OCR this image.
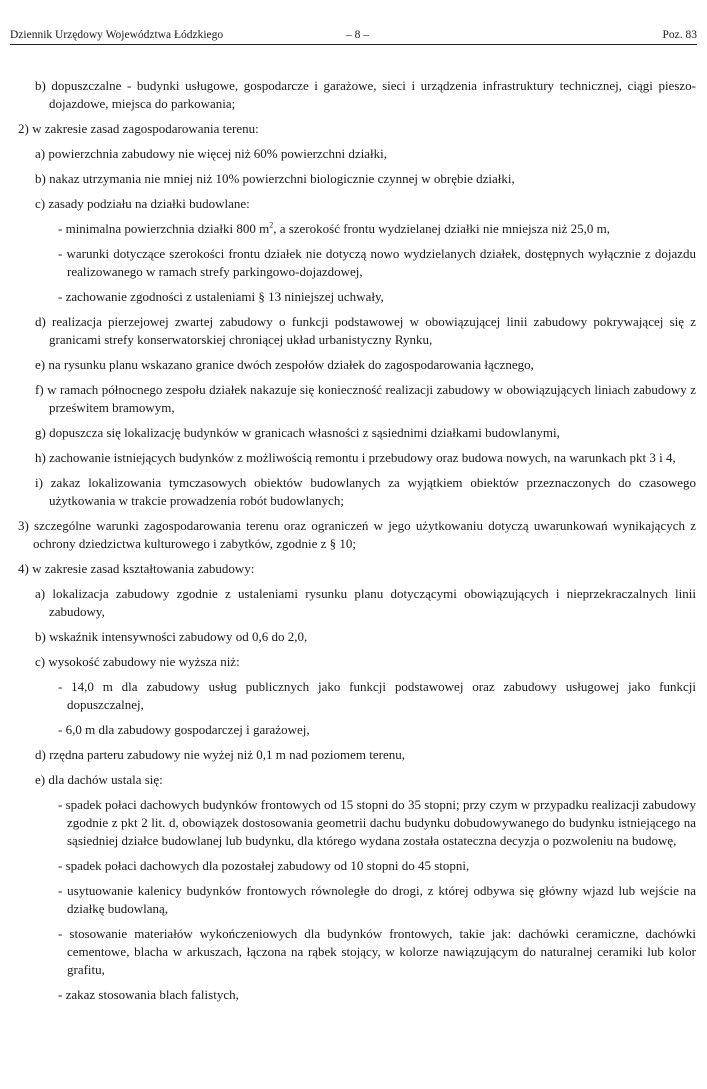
Dziennik Urzędowy Województwa Łódzkiego	– 8 –	Poz. 83
b) dopuszczalne - budynki usługowe, gospodarcze i garażowe, sieci i urządzenia infrastruktury technicznej, ciągi pieszo-dojazdowe, miejsca do parkowania;
2) w zakresie zasad zagospodarowania terenu:
a) powierzchnia zabudowy nie więcej niż 60% powierzchni działki,
b) nakaz utrzymania nie mniej niż 10% powierzchni biologicznie czynnej w obrębie działki,
c) zasady podziału na działki budowlane:
- minimalna powierzchnia działki 800 $m^2$, a szerokość frontu wydzielanej działki nie mniejsza niż 25,0 m,
- warunki dotyczące szerokości frontu działek nie dotyczą nowo wydzielanych działek, dostępnych wyłącznie z dojazdu realizowanego w ramach strefy parkingowo-dojazdowej,
- zachowanie zgodności z ustaleniami § 13 niniejszej uchwały,
d) realizacja pierzejowej zwartej zabudowy o funkcji podstawowej w obowiązującej linii zabudowy pokrywającej się z granicami strefy konserwatorskiej chroniącej układ urbanistyczny Rynku,
e) na rysunku planu wskazano granice dwóch zespołów działek do zagospodarowania łącznego,
f) w ramach północnego zespołu działek nakazuje się konieczność realizacji zabudowy w obowiązujących liniach zabudowy z prześwitem bramowym,
g) dopuszcza się lokalizację budynków w granicach własności z sąsiednimi działkami budowlanymi,
h) zachowanie istniejących budynków z możliwością remontu i przebudowy oraz budowa nowych, na warunkach pkt 3 i 4,
i) zakaz lokalizowania tymczasowych obiektów budowlanych za wyjątkiem obiektów przeznaczonych do czasowego użytkowania w trakcie prowadzenia robót budowlanych;
3) szczególne warunki zagospodarowania terenu oraz ograniczeń w jego użytkowaniu dotyczą uwarunkowań wynikających z ochrony dziedzictwa kulturowego i zabytków, zgodnie z § 10;
4) w zakresie zasad kształtowania zabudowy:
a) lokalizacja zabudowy zgodnie z ustaleniami rysunku planu dotyczącymi obowiązujących i nieprzekraczalnych linii zabudowy,
b) wskaźnik intensywności zabudowy od 0,6 do 2,0,
c) wysokość zabudowy nie wyższa niż:
- 14,0 m dla zabudowy usług publicznych jako funkcji podstawowej oraz zabudowy usługowej jako funkcji dopuszczalnej,
- 6,0 m dla zabudowy gospodarczej i garażowej,
d) rzędna parteru zabudowy nie wyżej niż 0,1 m nad poziomem terenu,
e) dla dachów ustala się:
- spadek połaci dachowych budynków frontowych od 15 stopni do 35 stopni; przy czym w przypadku realizacji zabudowy zgodnie z pkt 2 lit. d, obowiązek dostosowania geometrii dachu budynku dobudowywanego do budynku istniejącego na sąsiedniej działce budowlanej lub budynku, dla którego wydana została ostateczna decyzja o pozwoleniu na budowę,
- spadek połaci dachowych dla pozostałej zabudowy od 10 stopni do 45 stopni,
- usytuowanie kalenicy budynków frontowych równoległe do drogi, z której odbywa się główny wjazd lub wejście na działkę budowlaną,
- stosowanie materiałów wykończeniowych dla budynków frontowych, takie jak: dachówki ceramiczne, dachówki cementowe, blacha w arkuszach, łączona na rąbek stojący, w kolorze nawiązującym do naturalnej ceramiki lub kolor grafitu,
- zakaz stosowania blach falistych,
